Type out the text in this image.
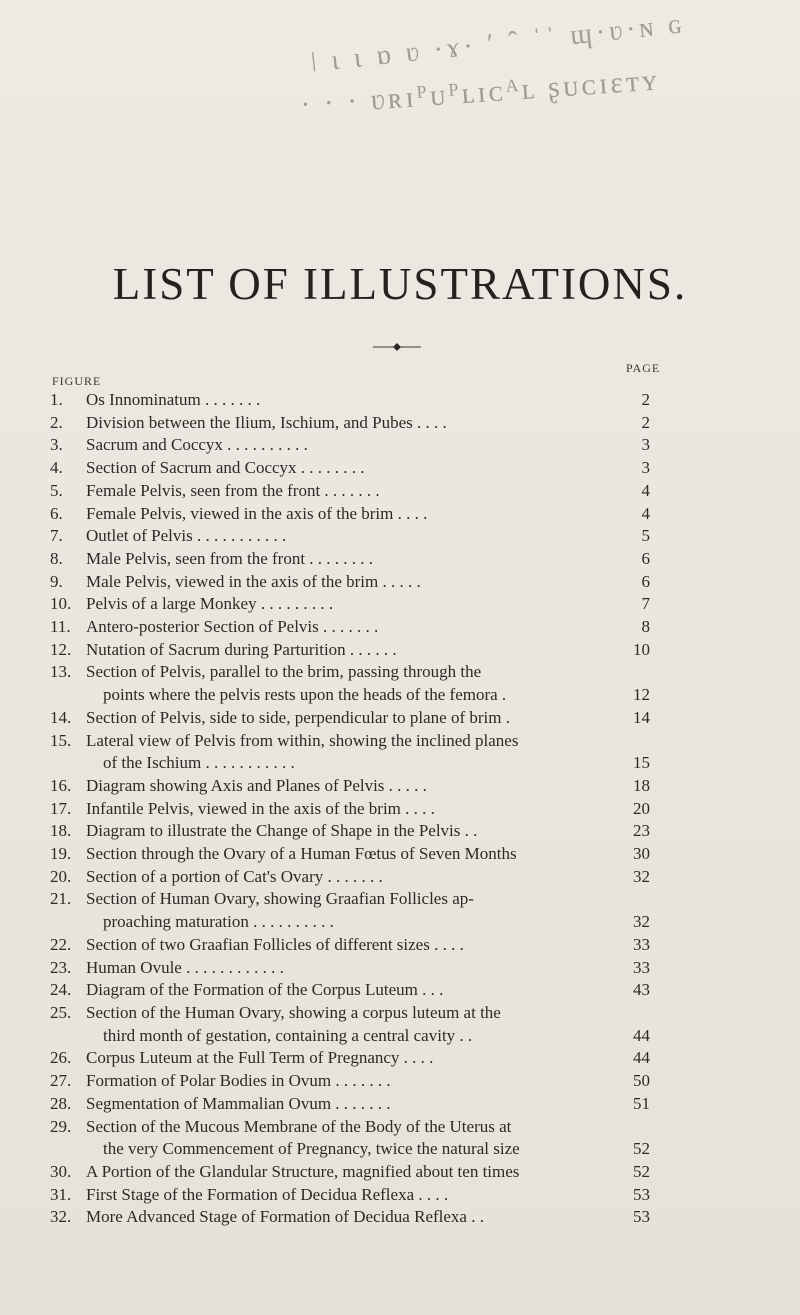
ǀ ɩ ɩ ɒ ʋ ·ɤ· ʹ ˆ ˈˈ ɰ·ʋ·ɴ ɢ
· · · ʋʀɪᴾᴜᴾʟɪᴄᴬʟ ʂᴜᴄɪɛᴛʏ
LIST OF ILLUSTRATIONS.
PAGE
FIGURE
1.	Os Innominatum . . . . . . .	2
2.	Division between the Ilium, Ischium, and Pubes . . . .	2
3.	Sacrum and Coccyx . . . . . . . . . .	3
4.	Section of Sacrum and Coccyx . . . . . . . .	3
5.	Female Pelvis, seen from the front . . . . . . .	4
6.	Female Pelvis, viewed in the axis of the brim . . . .	4
7.	Outlet of Pelvis . . . . . . . . . . .	5
8.	Male Pelvis, seen from the front . . . . . . . .	6
9.	Male Pelvis, viewed in the axis of the brim . . . . .	6
10. Pelvis of a large Monkey . . . . . . . . .	7
11. Antero-posterior Section of Pelvis . . . . . . .	8
12. Nutation of Sacrum during Parturition . . . . . .	10
13. Section of Pelvis, parallel to the brim, passing through the
points where the pelvis rests upon the heads of the femora .	12
14. Section of Pelvis, side to side, perpendicular to plane of brim .	14
15. Lateral view of Pelvis from within, showing the inclined planes
of the Ischium . . . . . . . . . . .	15
16. Diagram showing Axis and Planes of Pelvis . . . . .	18
17. Infantile Pelvis, viewed in the axis of the brim . . . .	20
18. Diagram to illustrate the Change of Shape in the Pelvis . .	23
19. Section through the Ovary of a Human Fœtus of Seven Months	30
20. Section of a portion of Cat's Ovary . . . . . . .	32
21. Section of Human Ovary, showing Graafian Follicles ap-
proaching maturation . . . . . . . . . .	32
22. Section of two Graafian Follicles of different sizes . . . .	33
23. Human Ovule . . . . . . . . . . . .	33
24. Diagram of the Formation of the Corpus Luteum . . .	43
25. Section of the Human Ovary, showing a corpus luteum at the
third month of gestation, containing a central cavity . .	44
26. Corpus Luteum at the Full Term of Pregnancy . . . .	44
27. Formation of Polar Bodies in Ovum . . . . . . .	50
28. Segmentation of Mammalian Ovum . . . . . . .	51
29. Section of the Mucous Membrane of the Body of the Uterus at
the very Commencement of Pregnancy, twice the natural size	52
30. A Portion of the Glandular Structure, magnified about ten times	52
31. First Stage of the Formation of Decidua Reflexa . . . .	53
32. More Advanced Stage of Formation of Decidua Reflexa . .	53
